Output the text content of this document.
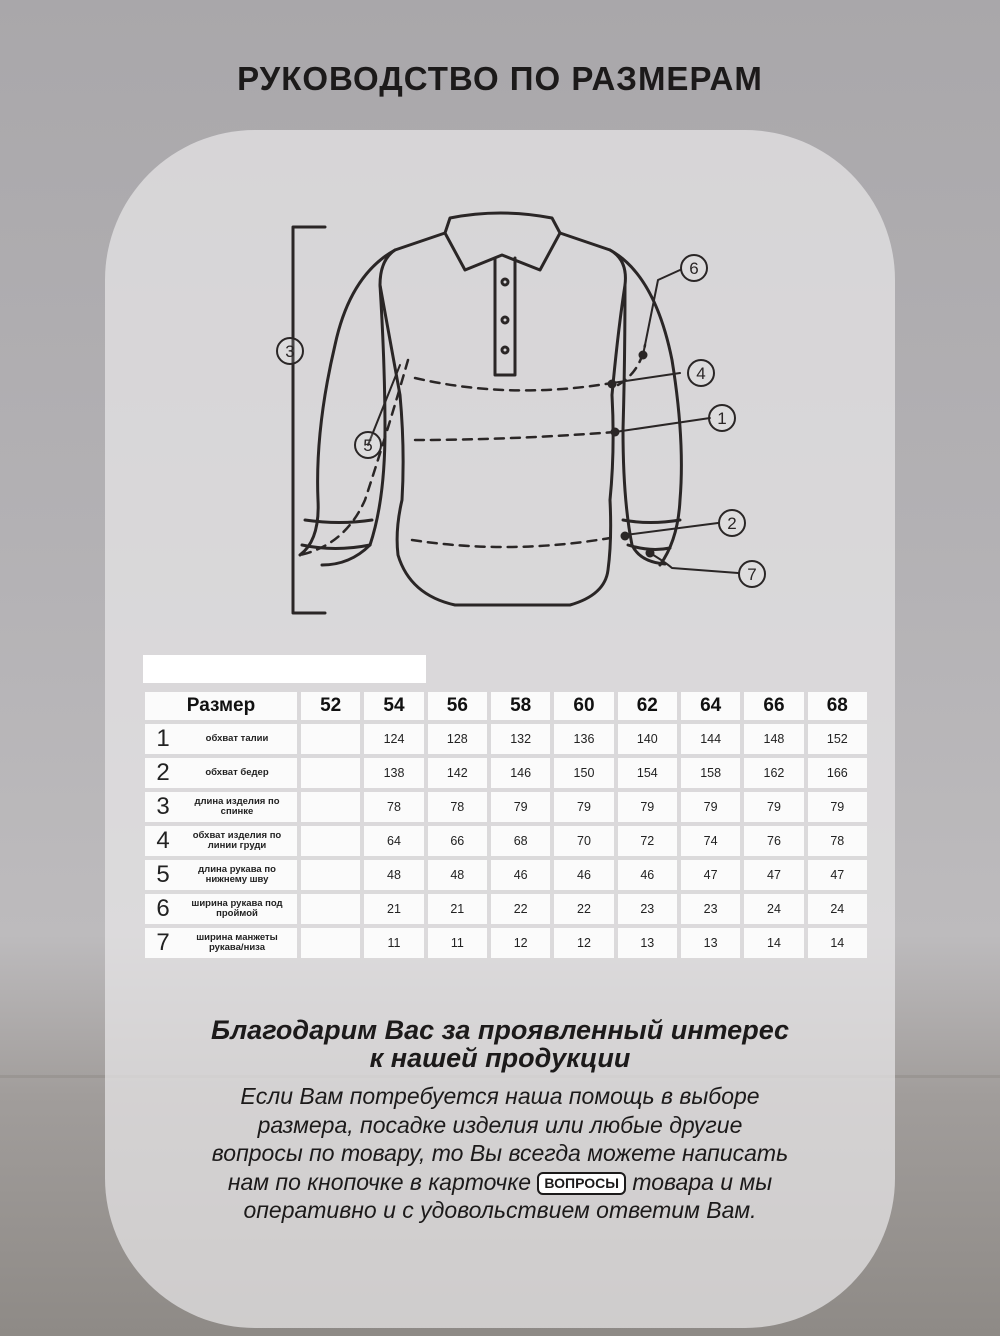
РУКОВОДСТВО ПО РАЗМЕРАМ
3
5
6
4
1
2
7
Размер	52	54	56	58	60	62	64	66	68
1 обхват талии		124	128	132	136	140	144	148	152
2 обхват бедер		138	142	146	150	154	158	162	166
3 длина изделия по спинке		78	78	79	79	79	79	79	79
4 обхват изделия по линии груди		64	66	68	70	72	74	76	78
5 длина рукава по нижнему шву		48	48	46	46	46	47	47	47
6 ширина рукава под проймой		21	21	22	22	23	23	24	24
7 ширина манжеты рукава/низа		11	11	12	12	13	13	14	14
Благодарим Вас за проявленный интерес
к нашей продукции
Если Вам потребуется наша помощь в выборе
размера, посадке изделия или любые другие
вопросы по товару, то Вы всегда можете написать
нам по кнопочке в карточке ВОПРОСЫ товара и мы
оперативно и с удовольствием ответим Вам.
